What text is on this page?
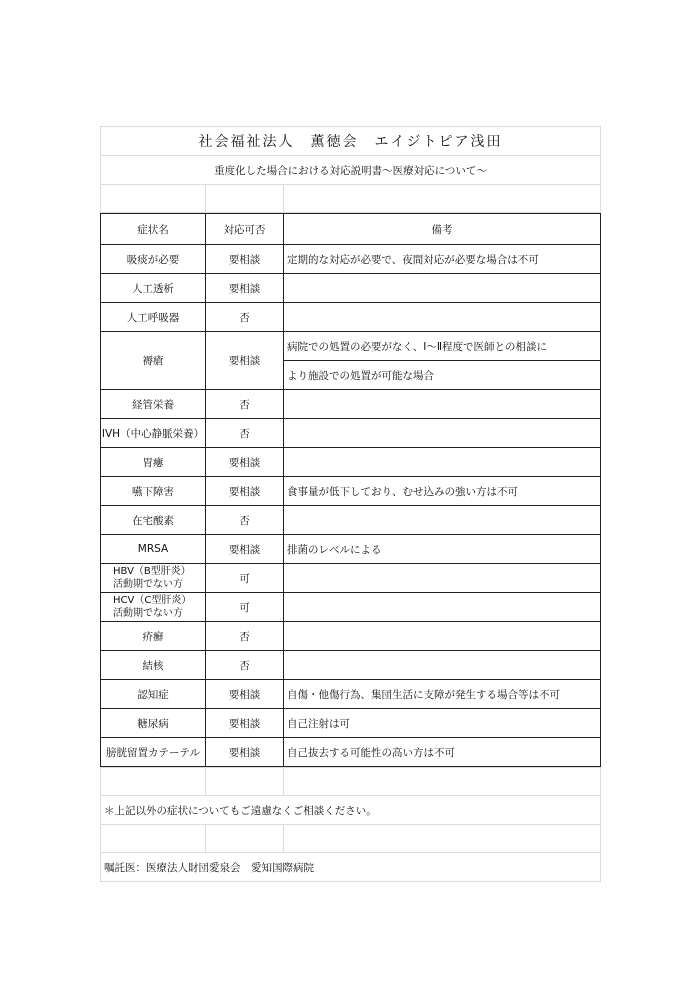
社会福祉法人　薫徳会　エイジトピア浅田
重度化した場合における対応説明書～医療対応について～

症状名	対応可否	備考
吸痰が必要	要相談	定期的な対応が必要で、夜間対応が必要な場合は不可
人工透析	要相談	
人工呼吸器	否	
褥瘡	要相談	病院での処置の必要がなく、Ⅰ～Ⅱ程度で医師との相談に
		より施設での処置が可能な場合
経管栄養	否	
IVH（中心静脈栄養）	否	
胃瘻	要相談	
嚥下障害	要相談	食事量が低下しており、むせ込みの強い方は不可
在宅酸素	否	
MRSA	要相談	排菌のレベルによる

HBV（B型肝炎）
活動期でない方	可	

HCV（C型肝炎）
活動期でない方	可	
疥癬	否	
結核	否	
認知症	要相談	自傷・他傷行為、集団生活に支障が発生する場合等は不可
糖尿病	要相談	自己注射は可
膀胱留置カテーテル	要相談	自己抜去する可能性の高い方は不可

＊上記以外の症状についてもご遠慮なくご相談ください。		

嘱託医：医療法人財団愛泉会　愛知国際病院		
